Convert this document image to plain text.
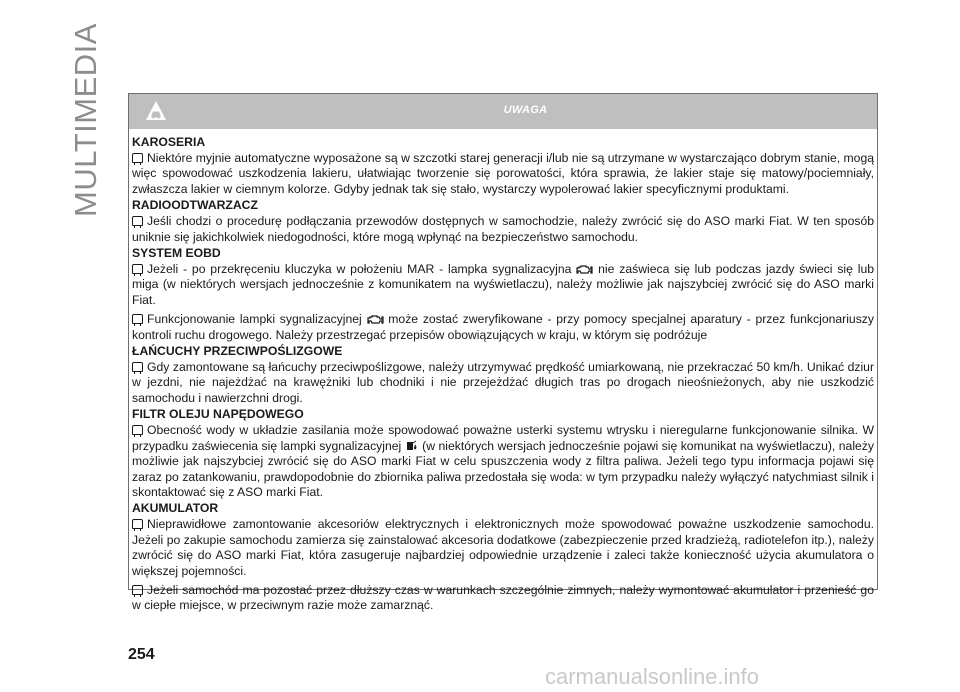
MULTIMEDIA	UWAGA
KAROSERIA

Niektóre myjnie automatyczne wyposażone są w szczotki starej generacji i/lub nie są utrzymane w wystarczająco dobrym stanie, mogą więc spowodować uszkodzenia lakieru, ułatwiając tworzenie się porowatości, która sprawia, że lakier staje się matowy/pociemniały, zwłaszcza lakier w ciemnym kolorze. Gdyby jednak tak się stało, wystarczy wypolerować lakier specyficznymi produktami.

RADIOODTWARZACZ

Jeśli chodzi o procedurę podłączania przewodów dostępnych w samochodzie, należy zwrócić się do ASO marki Fiat. W ten sposób uniknie się jakichkolwiek niedogodności, które mogą wpłynąć na bezpieczeństwo samochodu.

SYSTEM EOBD

Jeżeli - po przekręceniu kluczyka w położeniu MAR - lampka sygnalizacyjna nie zaświeca się lub podczas jazdy świeci się lub miga (w niektórych wersjach jednocześnie z komunikatem na wyświetlaczu), należy możliwie jak najszybciej zwrócić się do ASO marki Fiat.

Funkcjonowanie lampki sygnalizacyjnej może zostać zweryfikowane - przy pomocy specjalnej aparatury - przez funkcjonariuszy kontroli ruchu drogowego. Należy przestrzegać przepisów obowiązujących w kraju, w którym się podróżuje

ŁAŃCUCHY PRZECIWPOŚLIZGOWE

Gdy zamontowane są łańcuchy przeciwpoślizgowe, należy utrzymywać prędkość umiarkowaną, nie przekraczać 50 km/h. Unikać dziur w jezdni, nie najeżdżać na krawężniki lub chodniki i nie przejeżdżać długich tras po drogach nieośnieżonych, aby nie uszkodzić samochodu i nawierzchni drogi.

FILTR OLEJU NAPĘDOWEGO

Obecność wody w układzie zasilania może spowodować poważne usterki systemu wtrysku i nieregularne funkcjonowanie silnika. W przypadku zaświecenia się lampki sygnalizacyjnej (w niektórych wersjach jednocześnie pojawi się komunikat na wyświetlaczu), należy możliwie jak najszybciej zwrócić się do ASO marki Fiat w celu spuszczenia wody z filtra paliwa. Jeżeli tego typu informacja pojawi się zaraz po zatankowaniu, prawdopodobnie do zbiornika paliwa przedostała się woda: w tym przypadku należy wyłączyć natychmiast silnik i skontaktować się z ASO marki Fiat.

AKUMULATOR

Nieprawidłowe zamontowanie akcesoriów elektrycznych i elektronicznych może spowodować poważne uszkodzenie samochodu. Jeżeli po zakupie samochodu zamierza się zainstalować akcesoria dodatkowe (zabezpieczenie przed kradzieżą, radiotelefon itp.), należy zwrócić się do ASO marki Fiat, która zasugeruje najbardziej odpowiednie urządzenie i zaleci także konieczność użycia akumulatora o większej pojemności.

Jeżeli samochód ma pozostać przez dłuższy czas w warunkach szczególnie zimnych, należy wymontować akumulator i przenieść go w ciepłe miejsce, w przeciwnym razie może zamarznąć.

254
carmanualsonline.info
